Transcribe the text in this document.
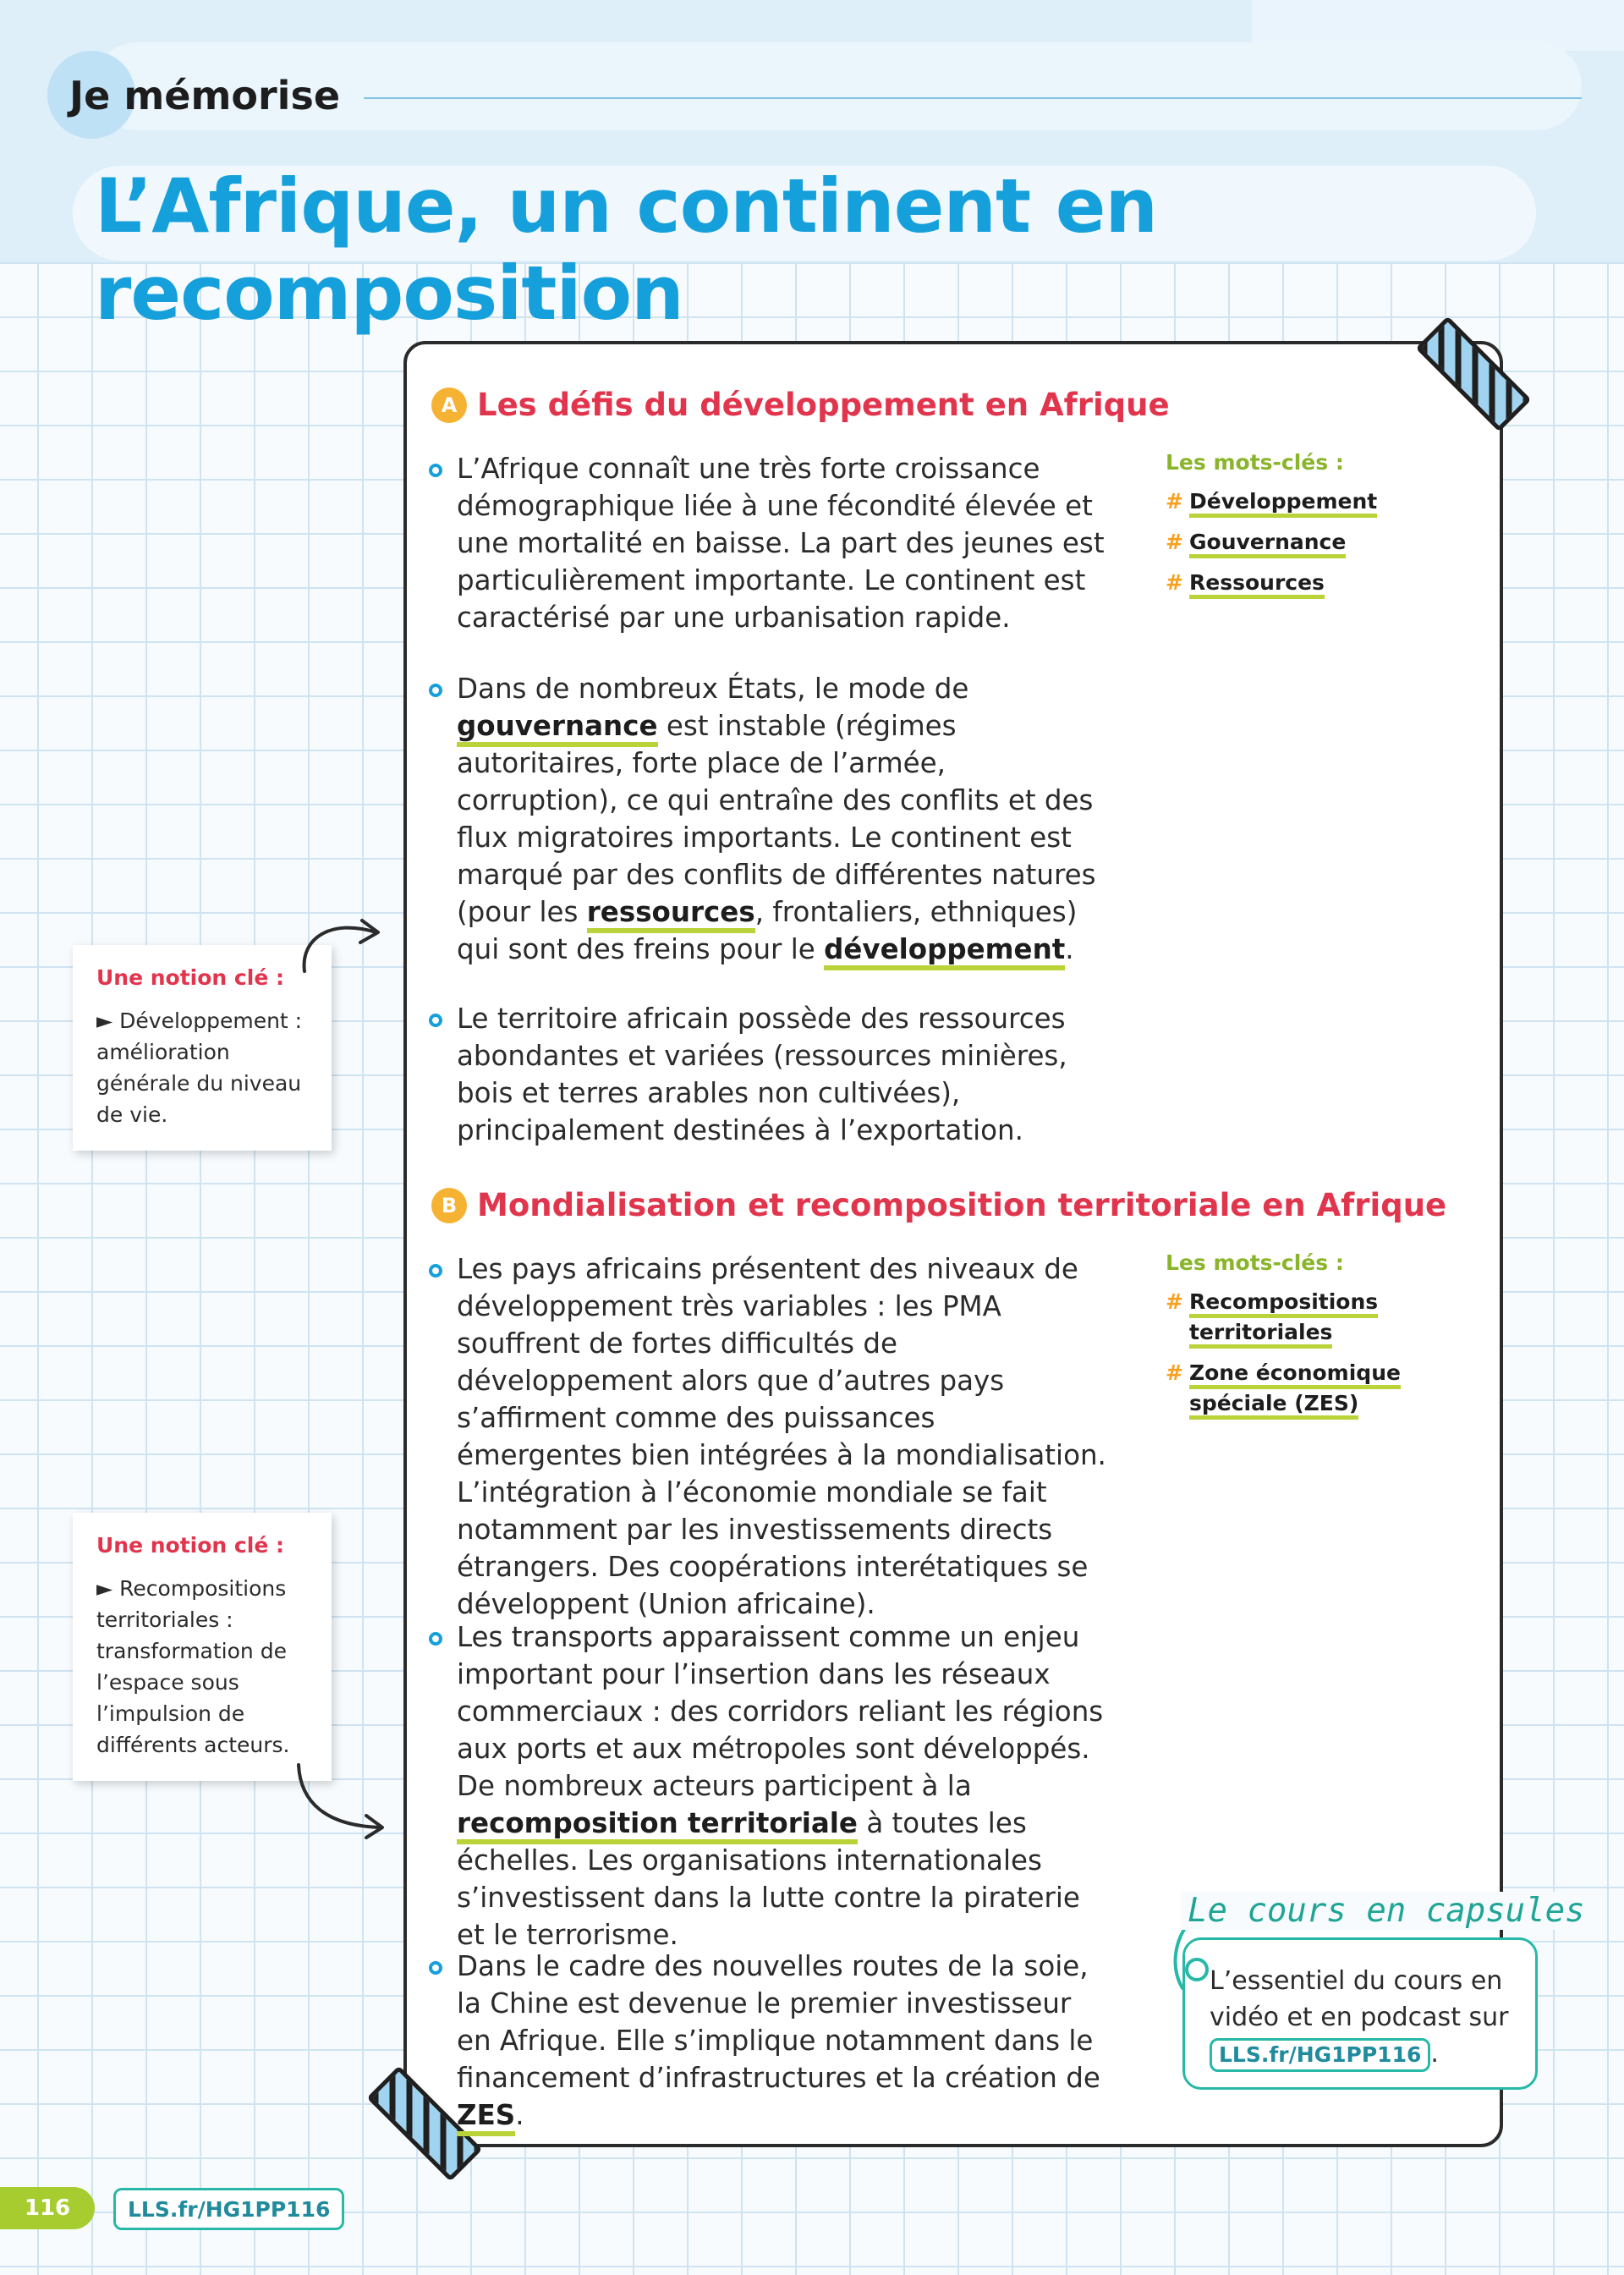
Je mémorise
L’Afrique, un continent en recomposition
A Les défis du développement en Afrique
L’Afrique connaît une très forte croissance démographique liée à une fécondité élevée et une mortalité en baisse. La part des jeunes est particulièrement importante. Le continent est caractérisé par une urbanisation rapide.
Dans de nombreux États, le mode de gouvernance est instable (régimes autoritaires, forte place de l’armée, corruption), ce qui entraîne des conflits et des flux migratoires importants. Le continent est marqué par des conflits de différentes natures (pour les ressources, frontaliers, ethniques) qui sont des freins pour le développement.
Le territoire africain possède des ressources abondantes et variées (ressources minières, bois et terres arables non cultivées), principalement destinées à l’exportation.
Les mots-clés :
# Développement
# Gouvernance
# Ressources
B Mondialisation et recomposition territoriale en Afrique
Les pays africains présentent des niveaux de développement très variables : les PMA souffrent de fortes difficultés de développement alors que d’autres pays s’affirment comme des puissances émergentes bien intégrées à la mondialisation. L’intégration à l’économie mondiale se fait notamment par les investissements directs étrangers. Des coopérations interétatiques se développent (Union africaine).
Les transports apparaissent comme un enjeu important pour l’insertion dans les réseaux commerciaux : des corridors reliant les régions aux ports et aux métropoles sont développés. De nombreux acteurs participent à la recomposition territoriale à toutes les échelles. Les organisations internationales s’investissent dans la lutte contre la piraterie et le terrorisme.
Dans le cadre des nouvelles routes de la soie, la Chine est devenue le premier investisseur en Afrique. Elle s’implique notamment dans le financement d’infrastructures et la création de ZES.
Les mots-clés :
# Recompositions territoriales
# Zone économique spéciale (ZES)
Une notion clé :
► Développement : amélioration générale du niveau de vie.
Une notion clé :
► Recompositions territoriales : transformation de l’espace sous l’impulsion de différents acteurs.
Le cours en capsules
L’essentiel du cours en vidéo et en podcast sur LLS.fr/HG1PP116 .
116	LLS.fr/HG1PP116
